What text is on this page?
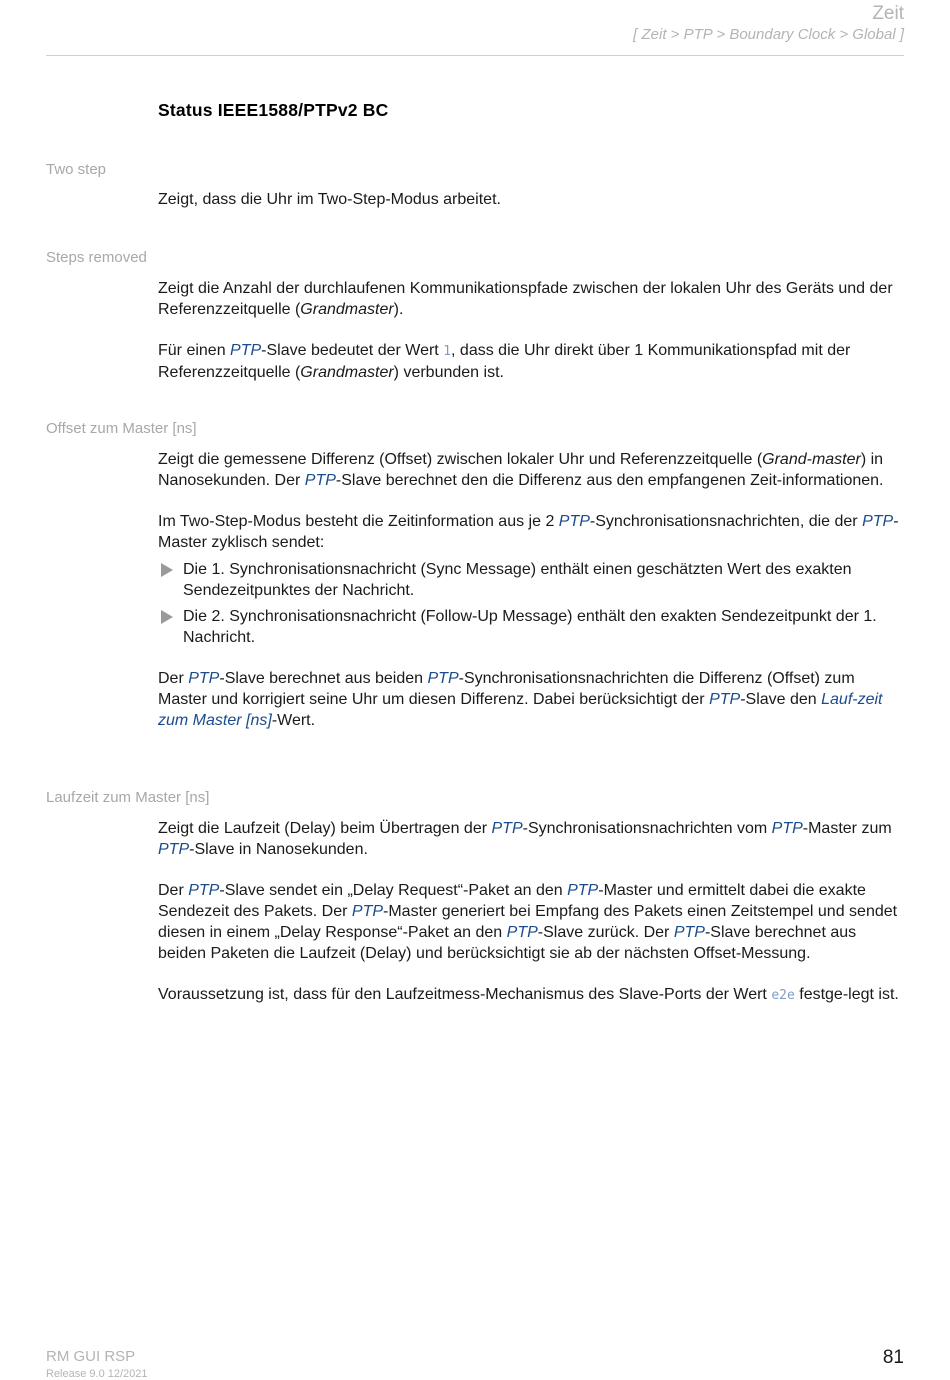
Zeit
[ Zeit > PTP > Boundary Clock > Global ]
Status IEEE1588/PTPv2 BC
Two step

Zeigt, dass die Uhr im Two-Step-Modus arbeitet.

Steps removed

Zeigt die Anzahl der durchlaufenen Kommunikationspfade zwischen der lokalen Uhr des Geräts und der Referenzzeitquelle (Grandmaster).

Für einen PTP-Slave bedeutet der Wert 1, dass die Uhr direkt über 1 Kommunikationspfad mit der Referenzzeitquelle (Grandmaster) verbunden ist.

Offset zum Master [ns]

Zeigt die gemessene Differenz (Offset) zwischen lokaler Uhr und Referenzzeitquelle (Grand-master) in Nanosekunden. Der PTP-Slave berechnet den die Differenz aus den empfangenen Zeit-informationen.

Im Two-Step-Modus besteht die Zeitinformation aus je 2 PTP-Synchronisationsnachrichten, die der PTP-Master zyklisch sendet:

Die 1. Synchronisationsnachricht (Sync Message) enthält einen geschätzten Wert des exakten Sendezeitpunktes der Nachricht.
Die 2. Synchronisationsnachricht (Follow-Up Message) enthält den exakten Sendezeitpunkt der 1. Nachricht.

Der PTP-Slave berechnet aus beiden PTP-Synchronisationsnachrichten die Differenz (Offset) zum Master und korrigiert seine Uhr um diesen Differenz. Dabei berücksichtigt der PTP-Slave den Lauf-zeit zum Master [ns]-Wert.

Laufzeit zum Master [ns]

Zeigt die Laufzeit (Delay) beim Übertragen der PTP-Synchronisationsnachrichten vom PTP-Master zum PTP-Slave in Nanosekunden.

Der PTP-Slave sendet ein „Delay Request“-Paket an den PTP-Master und ermittelt dabei die exakte Sendezeit des Pakets. Der PTP-Master generiert bei Empfang des Pakets einen Zeitstempel und sendet diesen in einem „Delay Response“-Paket an den PTP-Slave zurück. Der PTP-Slave berechnet aus beiden Paketen die Laufzeit (Delay) und berücksichtigt sie ab der nächsten Offset-Messung.

Voraussetzung ist, dass für den Laufzeitmess-Mechanismus des Slave-Ports der Wert e2e festge-legt ist.

RM GUI RSP
Release 9.0 12/2021
81
